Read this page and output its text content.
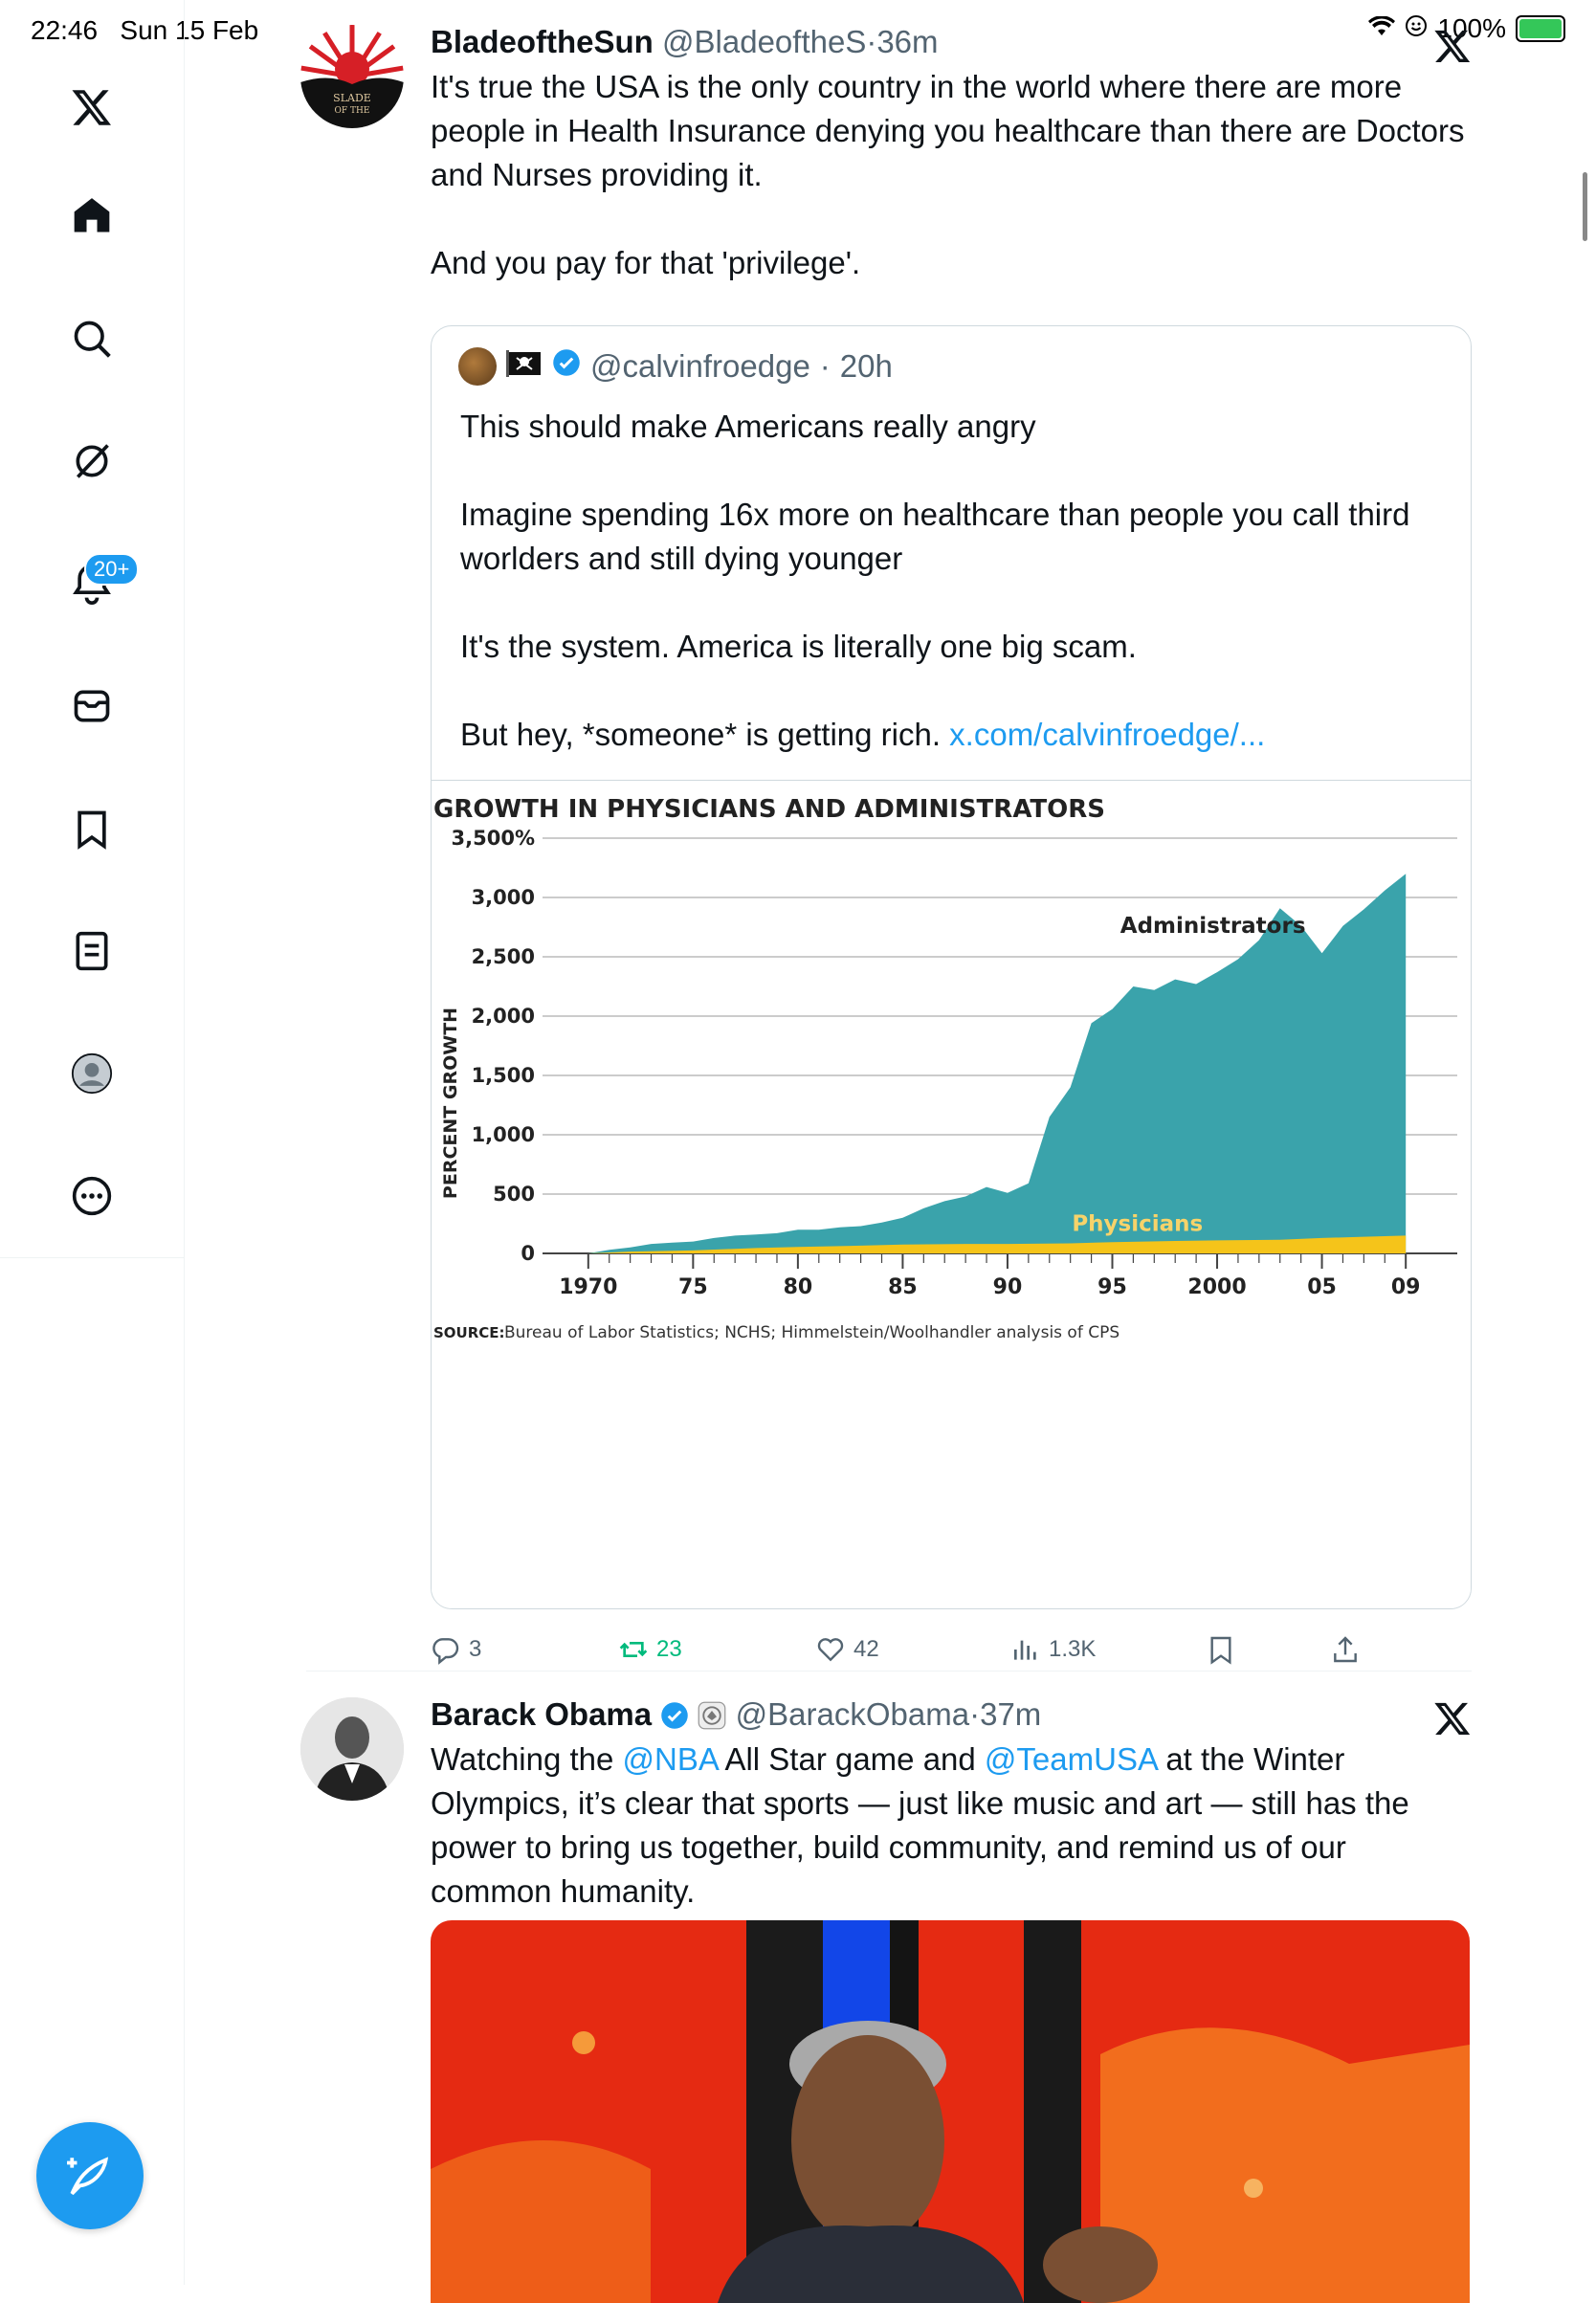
22:46 Sun 15 Feb	100%
20+
SLADE
OF THE
BladeoftheSun @BladeoftheS·36m
It's true the USA is the only country in the world where there are more people in Health Insurance denying you healthcare than there are Doctors and Nurses providing it.

And you pay for that 'privilege'.
@calvinfroedge · 20h
This should make Americans really angry

Imagine spending 16x more on healthcare than people you call third worlders and still dying younger

It's the system. America is literally one big scam.

But hey, *someone* is getting rich. x.com/calvinfroedge/...
GROWTH IN PHYSICIANS AND ADMINISTRATORS
0
500
1,000
1,500
2,000
2,500
3,000
3,500%
PERCENT GROWTH
Administrators
Physicians
1970	75	80	85	90	95	2000	05	09
SOURCE: Bureau of Labor Statistics; NCHS; Himmelstein/Woolhandler analysis of CPS
3	23	42	1.3K
Barack Obama	@BarackObama·37m
Watching the @NBA All Star game and @TeamUSA at the Winter Olympics, it’s clear that sports — just like music and art — still has the power to bring us together, build community, and remind us of our common humanity.
